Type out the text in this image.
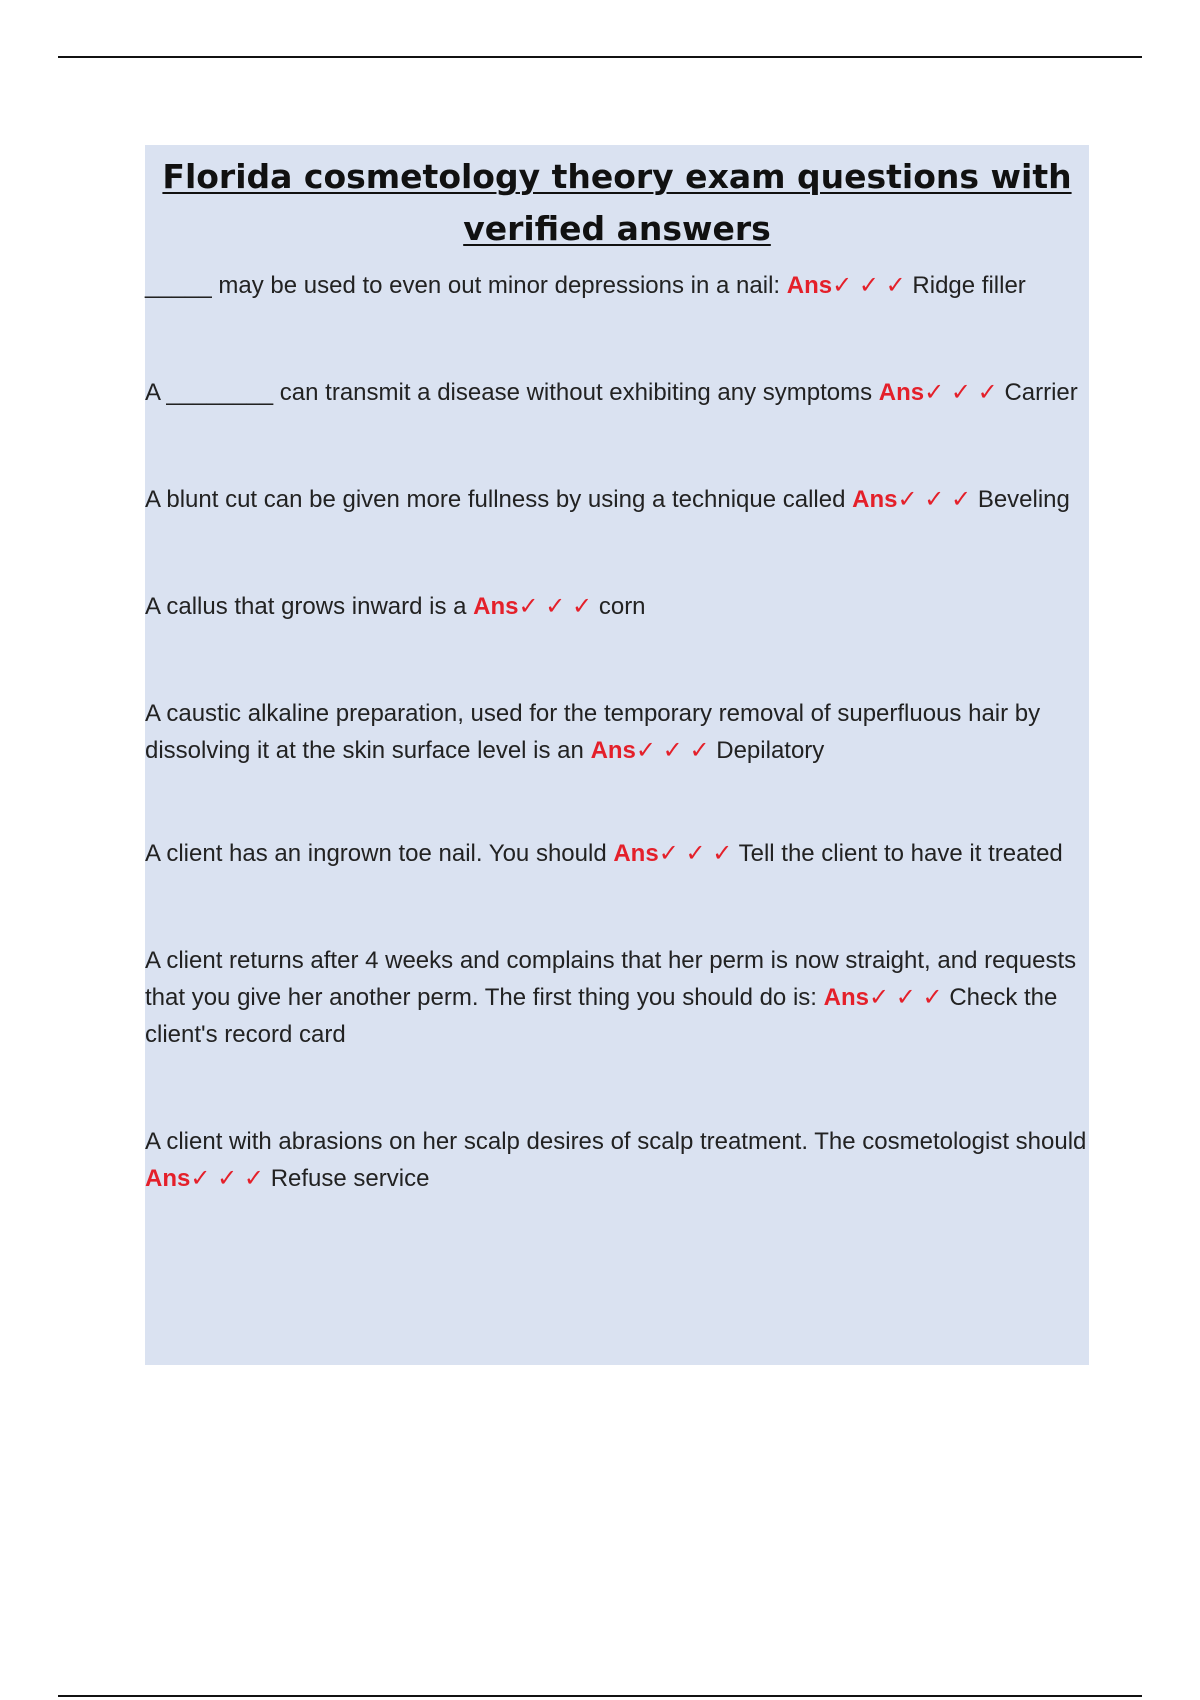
Florida cosmetology theory exam questions with
verified answers

_____ may be used to even out minor depressions in a nail: Ans✓ ✓ ✓ Ridge filler

A ________ can transmit a disease without exhibiting any symptoms Ans✓ ✓ ✓ Carrier

A blunt cut can be given more fullness by using a technique called Ans✓ ✓ ✓ Beveling

A callus that grows inward is a Ans✓ ✓ ✓ corn

A caustic alkaline preparation, used for the temporary removal of superfluous hair by dissolving it at the skin surface level is an Ans✓ ✓ ✓ Depilatory

A client has an ingrown toe nail. You should Ans✓ ✓ ✓ Tell the client to have it treated

A client returns after 4 weeks and complains that her perm is now straight, and requests that you give her another perm. The first thing you should do is: Ans✓ ✓ ✓ Check the client's record card

A client with abrasions on her scalp desires of scalp treatment. The cosmetologist should Ans✓ ✓ ✓ Refuse service
